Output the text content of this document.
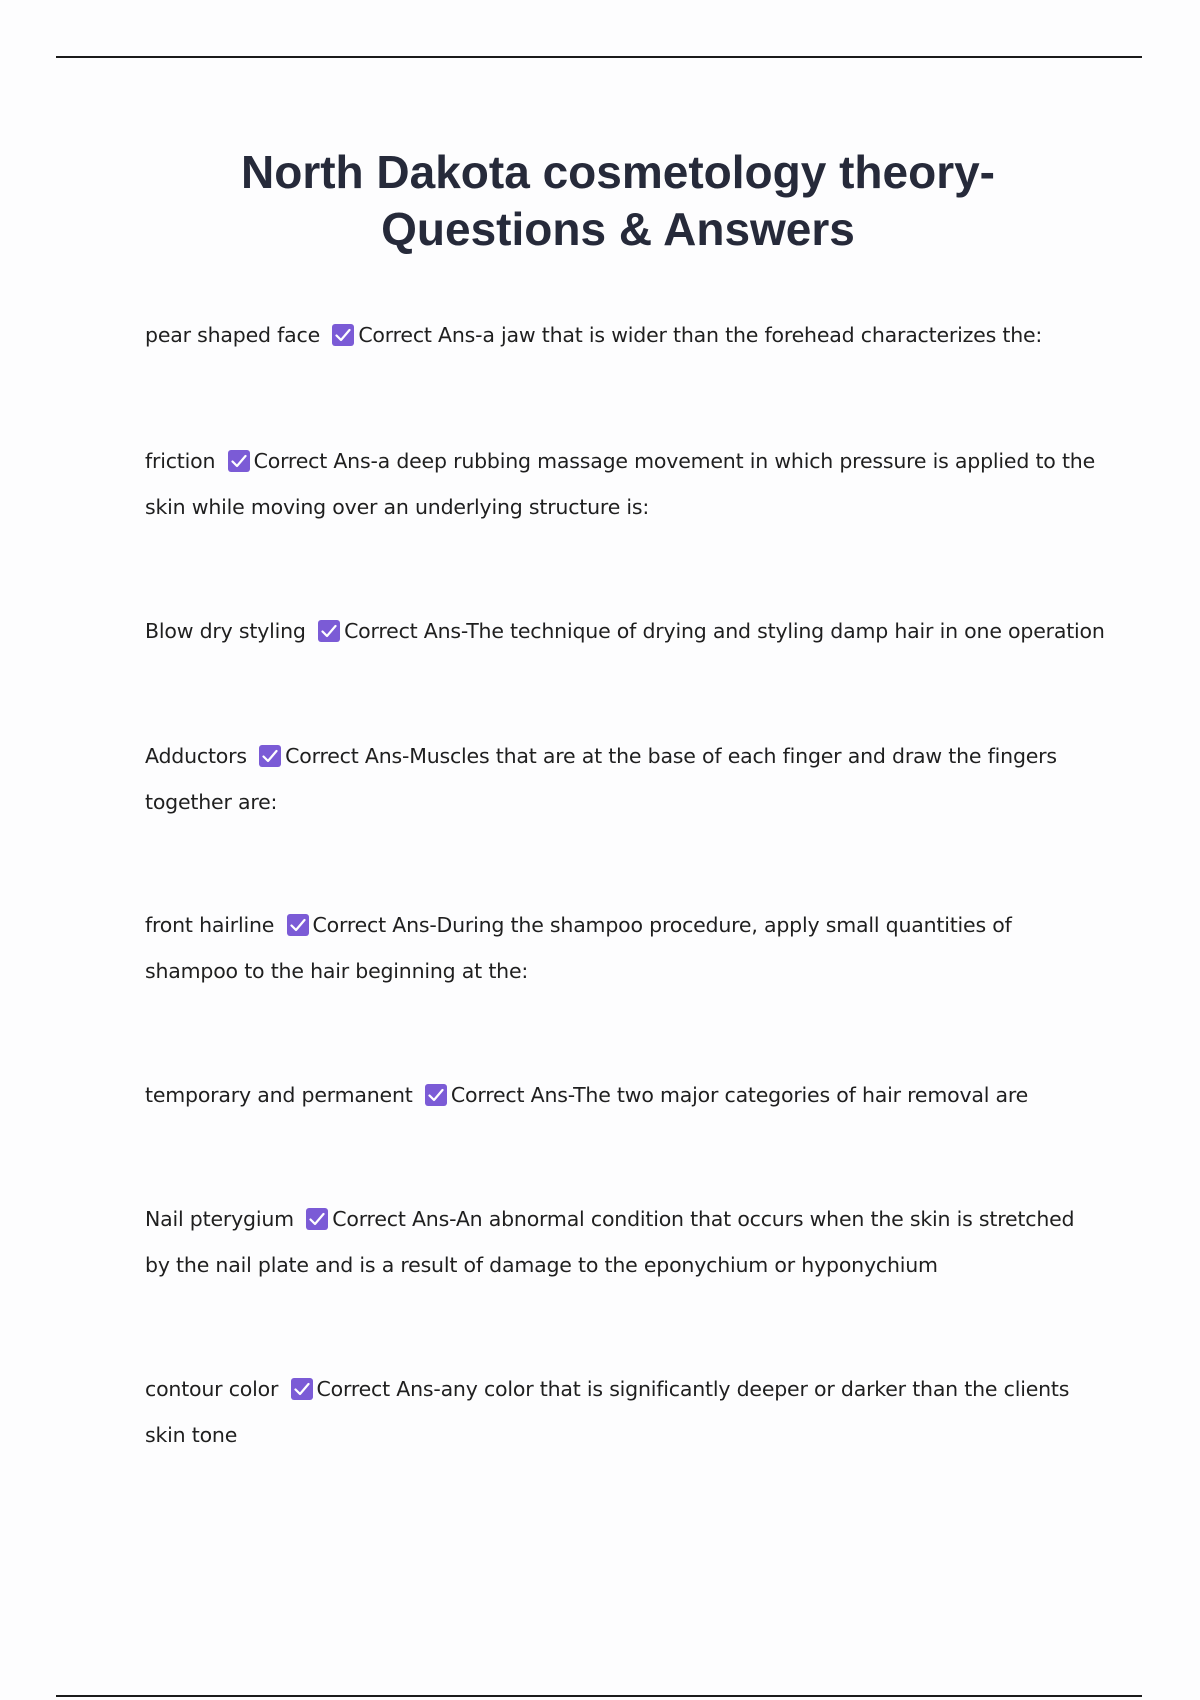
North Dakota cosmetology theory-
Questions & Answers

pear shaped face Correct Ans-a jaw that is wider than the forehead characterizes the:

friction Correct Ans-a deep rubbing massage movement in which pressure is applied to the skin while moving over an underlying structure is:

Blow dry styling Correct Ans-The technique of drying and styling damp hair in one operation

Adductors Correct Ans-Muscles that are at the base of each finger and draw the fingers together are:

front hairline Correct Ans-During the shampoo procedure, apply small quantities of shampoo to the hair beginning at the:

temporary and permanent Correct Ans-The two major categories of hair removal are

Nail pterygium Correct Ans-An abnormal condition that occurs when the skin is stretched by the nail plate and is a result of damage to the eponychium or hyponychium

contour color Correct Ans-any color that is significantly deeper or darker than the clients skin tone
